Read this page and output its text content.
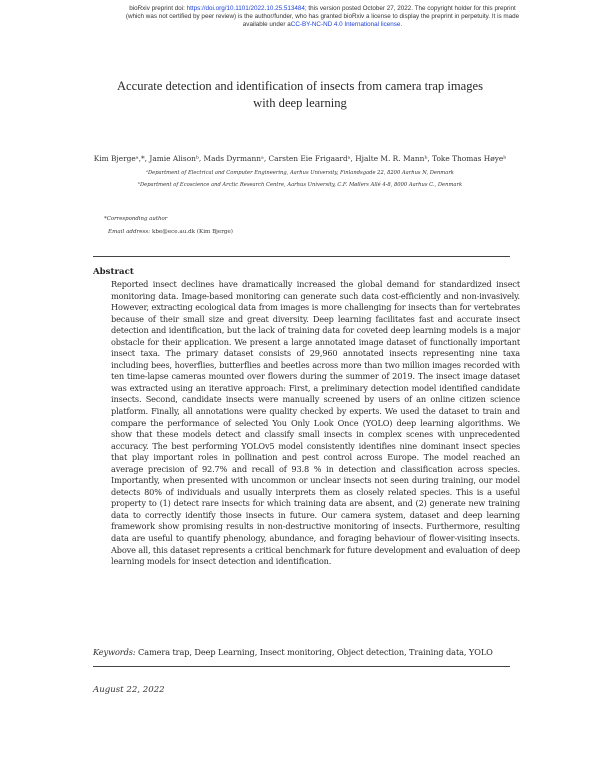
bioRxiv preprint doi: https://doi.org/10.1101/2022.10.25.513484; this version posted October 27, 2022. The copyright holder for this preprint
(which was not certified by peer review) is the author/funder, who has granted bioRxiv a license to display the preprint in perpetuity. It is made
available under aCC-BY-NC-ND 4.0 International license.
Accurate detection and identification of insects from camera trap images
with deep learning
Kim Bjergeᵃ,*, Jamie Alisonᵇ, Mads Dyrmannᵃ, Carsten Eie Frigaardᵃ, Hjalte M. R. Mannᵇ, Toke Thomas Høyeᵇ
ᵃDepartment of Electrical and Computer Engineering, Aarhus University, Finlandsgade 22, 8200 Aarhus N, Denmark
ᵇDepartment of Ecoscience and Arctic Research Centre, Aarhus University, C.F. Møllers Allé 4-8, 8000 Aarhus C., Denmark
*Corresponding author
Email address: kbe@ece.au.dk (Kim Bjerge)
Abstract
Reported insect declines have dramatically increased the global demand for standardized insect monitoring data. Image-based monitoring can generate such data cost-efficiently and non-invasively. However, extracting ecological data from images is more challenging for insects than for vertebrates because of their small size and great diversity. Deep learning facilitates fast and accurate insect detection and identification, but the lack of training data for coveted deep learning models is a major obstacle for their application. We present a large annotated image dataset of functionally important insect taxa. The primary dataset consists of 29,960 annotated insects representing nine taxa including bees, hoverflies, butterflies and beetles across more than two million images recorded with ten time-lapse cameras mounted over flowers during the summer of 2019. The insect image dataset was extracted using an iterative approach: First, a preliminary detection model identified candidate insects. Second, candidate insects were manually screened by users of an online citizen science platform. Finally, all annotations were quality checked by experts. We used the dataset to train and compare the performance of selected You Only Look Once (YOLO) deep learning algorithms. We show that these models detect and classify small insects in complex scenes with unprecedented accuracy. The best performing YOLOv5 model consistently identifies nine dominant insect species that play important roles in pollination and pest control across Europe. The model reached an average precision of 92.7% and recall of 93.8 % in detection and classification across species. Importantly, when presented with uncommon or unclear insects not seen during training, our model detects 80% of individuals and usually interprets them as closely related species. This is a useful property to (1) detect rare insects for which training data are absent, and (2) generate new training data to correctly identify those insects in future. Our camera system, dataset and deep learning framework show promising results in non-destructive monitoring of insects. Furthermore, resulting data are useful to quantify phenology, abundance, and foraging behaviour of flower-visiting insects. Above all, this dataset represents a critical benchmark for future development and evaluation of deep learning models for insect detection and identification.
Keywords: Camera trap, Deep Learning, Insect monitoring, Object detection, Training data, YOLO
August 22, 2022
